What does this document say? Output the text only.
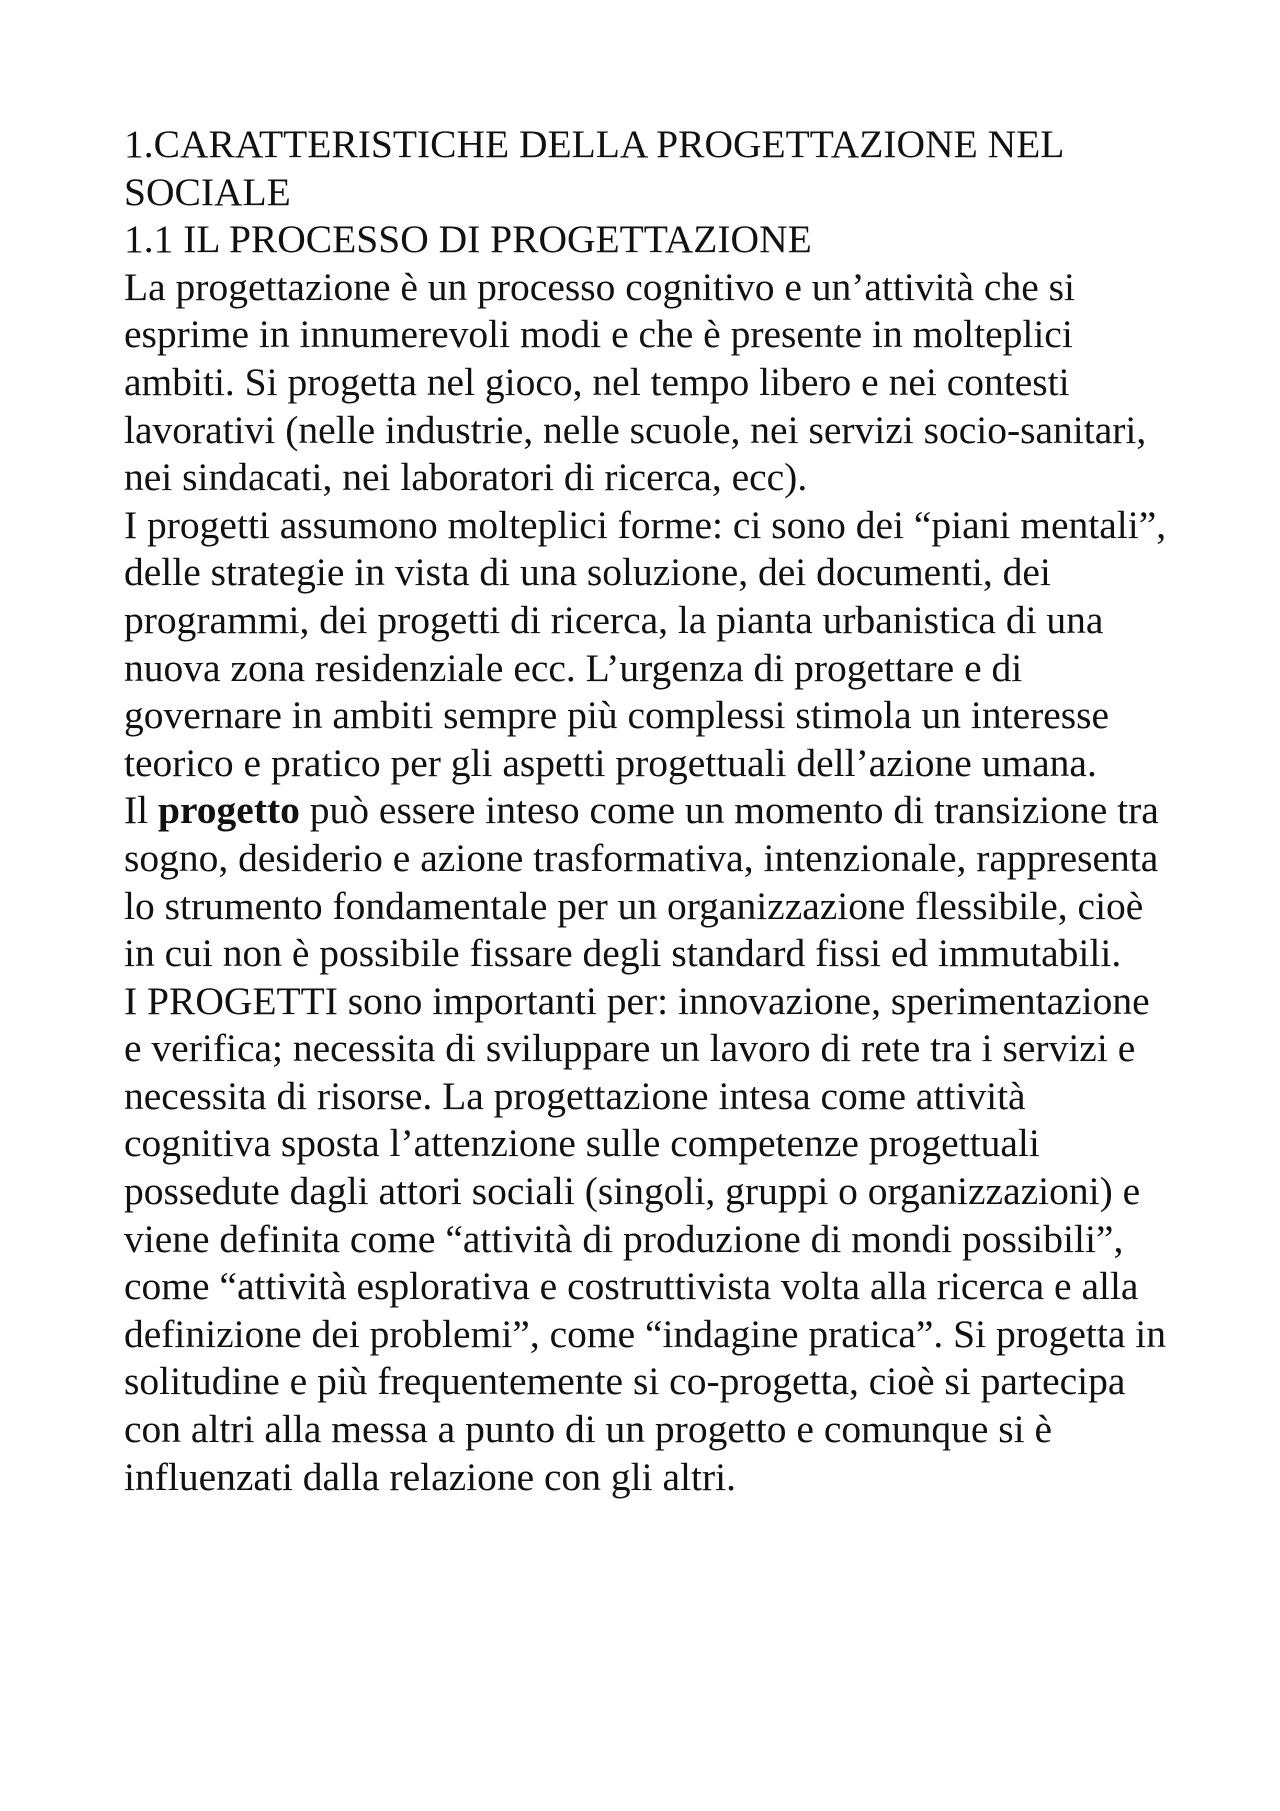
1.CARATTERISTICHE DELLA PROGETTAZIONE NEL SOCIALE
1.1 IL PROCESSO DI PROGETTAZIONE

La progettazione è un processo cognitivo e un’attività che si esprime in innumerevoli modi e che è presente in molteplici ambiti. Si progetta nel gioco, nel tempo libero e nei contesti lavorativi (nelle industrie, nelle scuole, nei servizi socio-sanitari, nei sindacati, nei laboratori di ricerca, ecc).

I progetti assumono molteplici forme: ci sono dei “piani mentali”, delle strategie in vista di una soluzione, dei documenti, dei programmi, dei progetti di ricerca, la pianta urbanistica di una nuova zona residenziale ecc. L’urgenza di progettare e di governare in ambiti sempre più complessi stimola un interesse teorico e pratico per gli aspetti progettuali dell’azione umana.

Il progetto può essere inteso come un momento di transizione tra sogno, desiderio e azione trasformativa, intenzionale, rappresenta lo strumento fondamentale per un organizzazione flessibile, cioè in cui non è possibile fissare degli standard fissi ed immutabili.

I PROGETTI sono importanti per: innovazione, sperimentazione e verifica; necessita di sviluppare un lavoro di rete tra i servizi e necessita di risorse. La progettazione intesa come attività cognitiva sposta l’attenzione sulle competenze progettuali possedute dagli attori sociali (singoli, gruppi o organizzazioni) e viene definita come “attività di produzione di mondi possibili”, come “attività esplorativa e costruttivista volta alla ricerca e alla definizione dei problemi”, come “indagine pratica”. Si progetta in solitudine e più frequentemente si co-progetta, cioè si partecipa con altri alla messa a punto di un progetto e comunque si è influenzati dalla relazione con gli altri.
